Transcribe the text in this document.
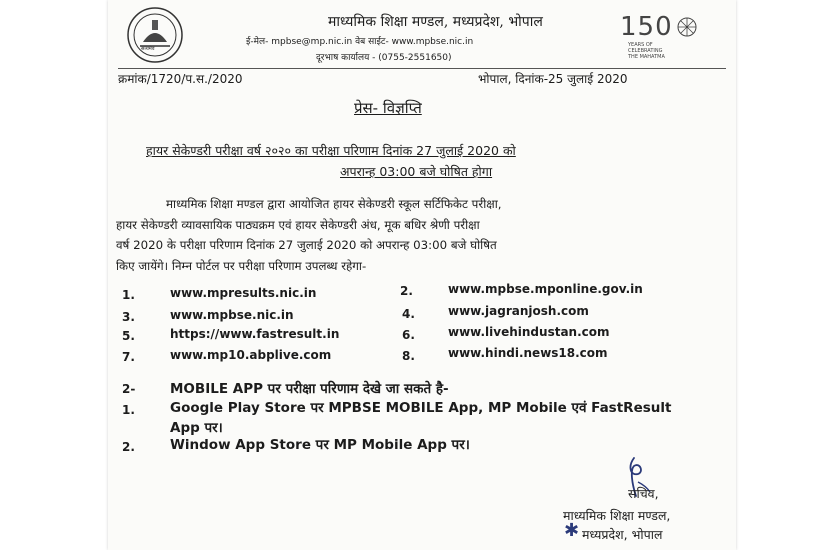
सत्यमेव
माध्यमिक शिक्षा मण्डल, मध्यप्रदेश, भोपाल
ई-मेल- mpbse@mp.nic.in वेब साईट- www.mpbse.nic.in
दूरभाष कार्यालय - (0755-2551650)
150
YEARS OF
CELEBRATING
THE MAHATMA
क्रमांक/1720/प.स./2020	भोपाल, दिनांक-25 जुलाई 2020
प्रेस- विज्ञप्ति
हायर सेकेण्डरी परीक्षा वर्ष २०२० का परीक्षा परिणाम दिनांक 27 जुलाई 2020 को
अपरान्ह 03:00 बजे घोषित होगा
माध्यमिक शिक्षा मण्डल द्वारा आयोजित हायर सेकेण्डरी स्कूल सर्टिफिकेट परीक्षा,
हायर सेकेण्डरी व्यावसायिक पाठ्यक्रम एवं हायर सेकेण्डरी अंध, मूक बधिर श्रेणी परीक्षा
वर्ष 2020 के परीक्षा परिणाम दिनांक 27 जुलाई 2020 को अपरान्ह 03:00 बजे घोषित
किए जायेंगे। निम्न पोर्टल पर परीक्षा परिणाम उपलब्ध रहेगा-
1.	www.mpresults.nic.in	2.	www.mpbse.mponline.gov.in
3.	www.mpbse.nic.in	4.	www.jagranjosh.com
5.	https://www.fastresult.in	6.	www.livehindustan.com
7.	www.mp10.abplive.com	8.	www.hindi.news18.com
2-	MOBILE APP पर परीक्षा परिणाम देखे जा सकते है-
1.	Google Play Store पर MPBSE MOBILE App, MP Mobile एवं FastResult
App पर।
2.	Window App Store पर MP Mobile App पर।
सचिव,
माध्यमिक शिक्षा मण्डल,
✱ मध्यप्रदेश, भोपाल
